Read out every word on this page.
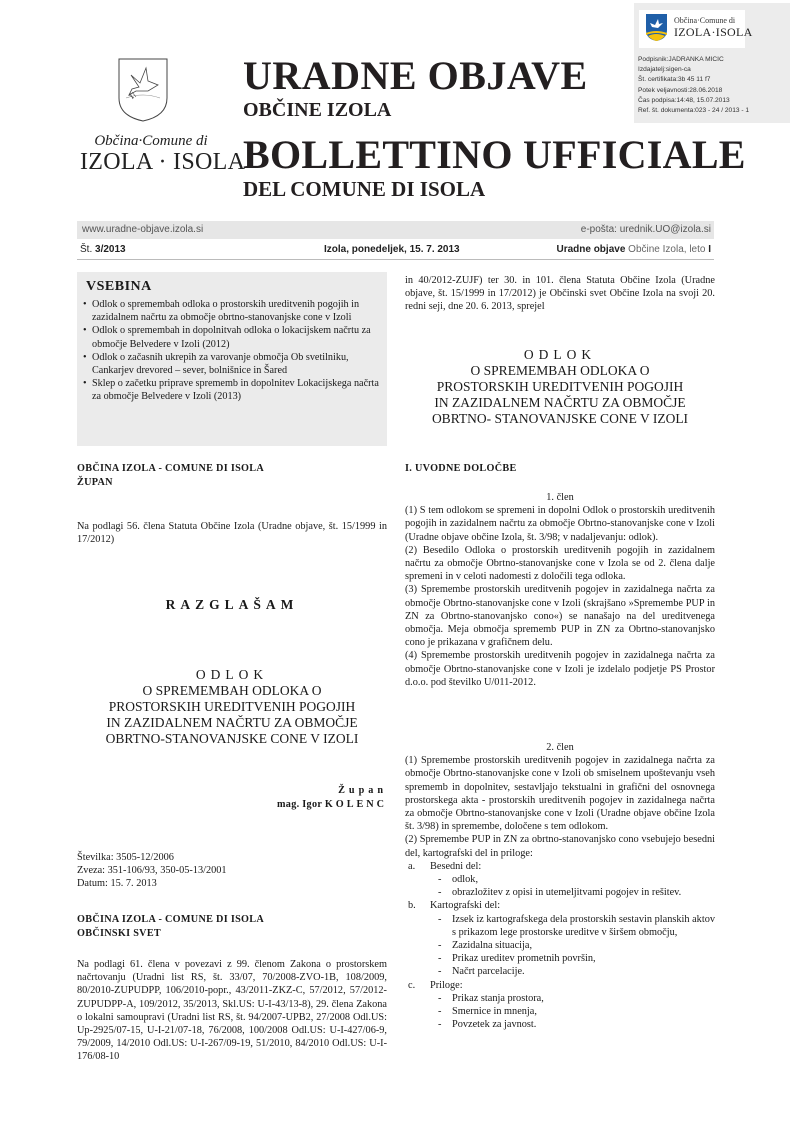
Občina·Comune di
IZOLA·ISOLA
Podpisnik:JADRANKA MICIC
Izdajatelj:sigen-ca
Št. certifikata:3b 45 11 f7
Potek veljavnosti:28.06.2018
Čas podpisa:14:48, 15.07.2013
Ref. št. dokumenta:023 - 24 / 2013 - 1
Občina·Comune di
IZOLA · ISOLA
URADNE OBJAVE
OBČINE IZOLA
BOLLETTINO UFFICIALE
DEL COMUNE DI ISOLA
www.uradne-objave.izola.si	e-pošta: urednik.UO@izola.si
Št. 3/2013	Izola, ponedeljek, 15. 7. 2013	Uradne objave Občine Izola, leto I
VSEBINA
• Odlok o spremembah odloka o prostorskih ureditvenih pogojih in zazidalnem načrtu za območje obrtno-stanovanjske cone v Izoli
• Odlok o spremembah in dopolnitvah odloka o lokacijskem načrtu za območje Belvedere v Izoli (2012)
• Odlok o začasnih ukrepih za varovanje območja Ob svetilniku, Cankarjev drevored – sever, bolnišnice in Šared
• Sklep o začetku priprave sprememb in dopolnitev Lokacijskega načrta za območje Belvedere v Izoli (2013)
OBČINA IZOLA - COMUNE DI ISOLA
ŽUPAN
Na podlagi 56. člena Statuta Občine Izola (Uradne objave, št. 15/1999 in 17/2012)
RAZGLAŠAM
ODLOK
O SPREMEMBAH ODLOKA O
PROSTORSKIH UREDITVENIH POGOJIH
IN ZAZIDALNEM NAČRTU ZA OBMOČJE
OBRTNO-STANOVANJSKE CONE V IZOLI
Župan
mag. Igor KOLENC
Številka: 3505-12/2006
Zveza: 351-106/93, 350-05-13/2001
Datum: 15. 7. 2013
OBČINA IZOLA - COMUNE DI ISOLA
OBČINSKI SVET
Na podlagi 61. člena v povezavi z 99. členom Zakona o prostorskem načrtovanju (Uradni list RS, št. 33/07, 70/2008-ZVO-1B, 108/2009, 80/2010-ZUPUDPP, 106/2010-popr., 43/2011-ZKZ-C, 57/2012, 57/2012-ZUPUDPP-A, 109/2012, 35/2013, Skl.US: U-I-43/13-8), 29. člena Zakona o lokalni samoupravi (Uradni list RS, št. 94/2007-UPB2, 27/2008 Odl.US: Up-2925/07-15, U-I-21/07-18, 76/2008, 100/2008 Odl.US: U-I-427/06-9, 79/2009, 14/2010 Odl.US: U-I-267/09-19, 51/2010, 84/2010 Odl.US: U-I-176/08-10
in 40/2012-ZUJF) ter 30. in 101. člena Statuta Občine Izola (Uradne objave, št. 15/1999 in 17/2012) je Občinski svet Občine Izola na svoji 20. redni seji, dne 20. 6. 2013, sprejel
ODLOK
O SPREMEMBAH ODLOKA O
PROSTORSKIH UREDITVENIH POGOJIH
IN ZAZIDALNEM NAČRTU ZA OBMOČJE
OBRTNO- STANOVANJSKE CONE V IZOLI
I. UVODNE DOLOČBE
1. člen
(1) S tem odlokom se spremeni in dopolni Odlok o prostorskih ureditvenih pogojih in zazidalnem načrtu za območje Obrtno-stanovanjske cone v Izoli (Uradne objave občine Izola, št. 3/98; v nadaljevanju: odlok).
(2) Besedilo Odloka o prostorskih ureditvenih pogojih in zazidalnem načrtu za območje Obrtno-stanovanjske cone v Izola se od 2. člena dalje spremeni in v celoti nadomesti z določili tega odloka.
(3) Spremembe prostorskih ureditvenih pogojev in zazidalnega načrta za območje Obrtno-stanovanjske cone v Izoli (skrajšano »Spremembe PUP in ZN za Obrtno-stanovanjsko cono«) se nanašajo na del ureditvenega območja. Meja območja sprememb PUP in ZN za Obrtno-stanovanjsko cono je prikazana v grafičnem delu.
(4) Spremembe prostorskih ureditvenih pogojev in zazidalnega načrta za območje Obrtno-stanovanjske cone v Izoli je izdelalo podjetje PS Prostor d.o.o. pod številko U/011-2012.
2. člen
(1) Spremembe prostorskih ureditvenih pogojev in zazidalnega načrta za območje Obrtno-stanovanjske cone v Izoli ob smiselnem upoštevanju vseh sprememb in dopolnitev, sestavljajo tekstualni in grafični del osnovnega prostorskega akta - prostorskih ureditvenih pogojev in zazidalnega načrta za območje Obrtno-stanovanjske cone v Izoli (Uradne objave občine Izola št. 3/98) in spremembe, določene s tem odlokom.
(2) Spremembe PUP in ZN za obrtno-stanovanjsko cono vsebujejo besedni del, kartografski del in priloge:
a. Besedni del:
- odlok,
- obrazložitev z opisi in utemeljitvami pogojev in rešitev.
b. Kartografski del:
- Izsek iz kartografskega dela prostorskih sestavin planskih aktov s prikazom lege prostorske ureditve v širšem območju,
- Zazidalna situacija,
- Prikaz ureditev prometnih površin,
- Načrt parcelacije.
c. Priloge:
- Prikaz stanja prostora,
- Smernice in mnenja,
- Povzetek za javnost.
